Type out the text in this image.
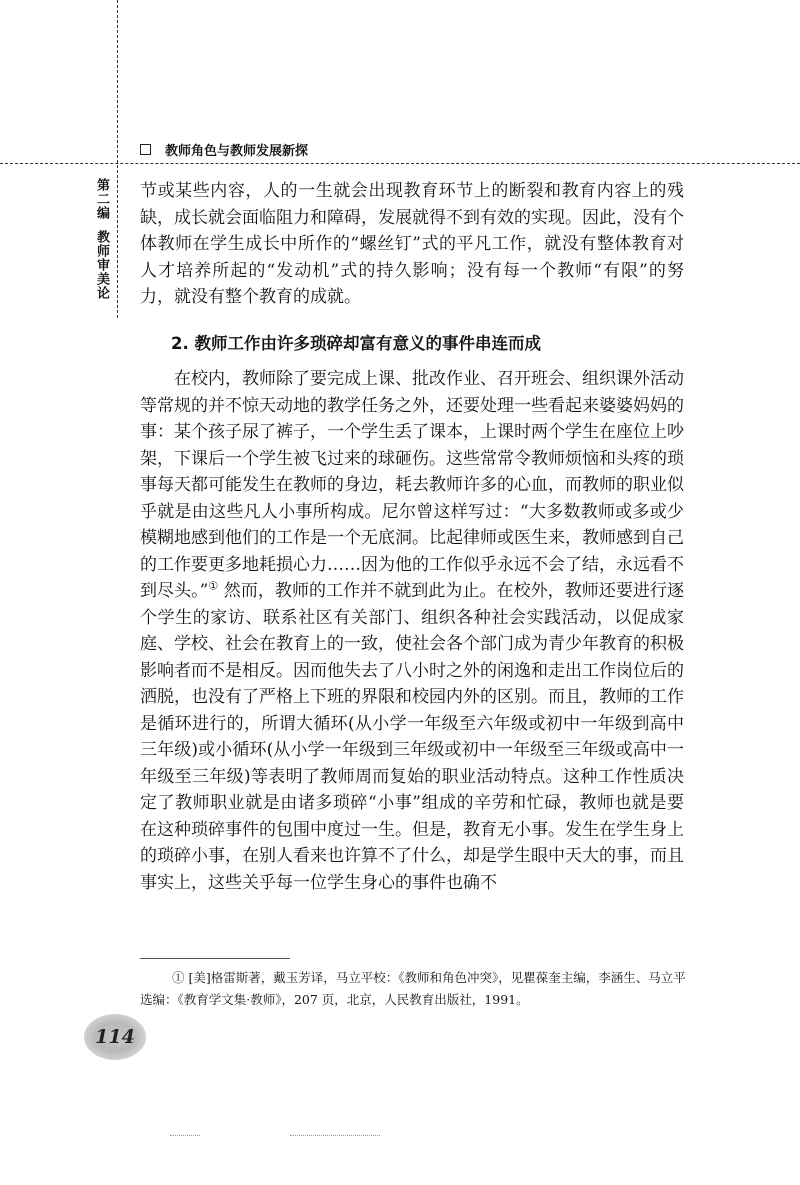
教师角色与教师发展新探
第二编教师审美论

节或某些内容，人的一生就会出现教育环节上的断裂和教育内容上的残缺，成长就会面临阻力和障碍，发展就得不到有效的实现。因此，没有个体教师在学生成长中所作的“螺丝钉”式的平凡工作，就没有整体教育对人才培养所起的“发动机”式的持久影响；没有每一个教师“有限”的努力，就没有整个教育的成就。

2. 教师工作由许多琐碎却富有意义的事件串连而成

在校内，教师除了要完成上课、批改作业、召开班会、组织课外活动等常规的并不惊天动地的教学任务之外，还要处理一些看起来婆婆妈妈的事：某个孩子尿了裤子，一个学生丢了课本，上课时两个学生在座位上吵架，下课后一个学生被飞过来的球砸伤。这些常常令教师烦恼和头疼的琐事每天都可能发生在教师的身边，耗去教师许多的心血，而教师的职业似乎就是由这些凡人小事所构成。尼尔曾这样写过：“大多数教师或多或少模糊地感到他们的工作是一个无底洞。比起律师或医生来，教师感到自己的工作要更多地耗损心力……因为他的工作似乎永远不会了结，永远看不到尽头。”① 然而，教师的工作并不就到此为止。在校外，教师还要进行逐个学生的家访、联系社区有关部门、组织各种社会实践活动，以促成家庭、学校、社会在教育上的一致，使社会各个部门成为青少年教育的积极影响者而不是相反。因而他失去了八小时之外的闲逸和走出工作岗位后的洒脱，也没有了严格上下班的界限和校园内外的区别。而且，教师的工作是循环进行的，所谓大循环(从小学一年级至六年级或初中一年级到高中三年级)或小循环(从小学一年级到三年级或初中一年级至三年级或高中一年级至三年级)等表明了教师周而复始的职业活动特点。这种工作性质决定了教师职业就是由诸多琐碎“小事”组成的辛劳和忙碌，教师也就是要在这种琐碎事件的包围中度过一生。但是，教育无小事。发生在学生身上的琐碎小事，在别人看来也许算不了什么，却是学生眼中天大的事，而且事实上，这些关乎每一位学生身心的事件也确不

① [美]格雷斯著，戴玉芳译，马立平校：《教师和角色冲突》，见瞿葆奎主编，李涵生、马立平选编：《教育学文集·教师》，207 页，北京，人民教育出版社，1991。

114
